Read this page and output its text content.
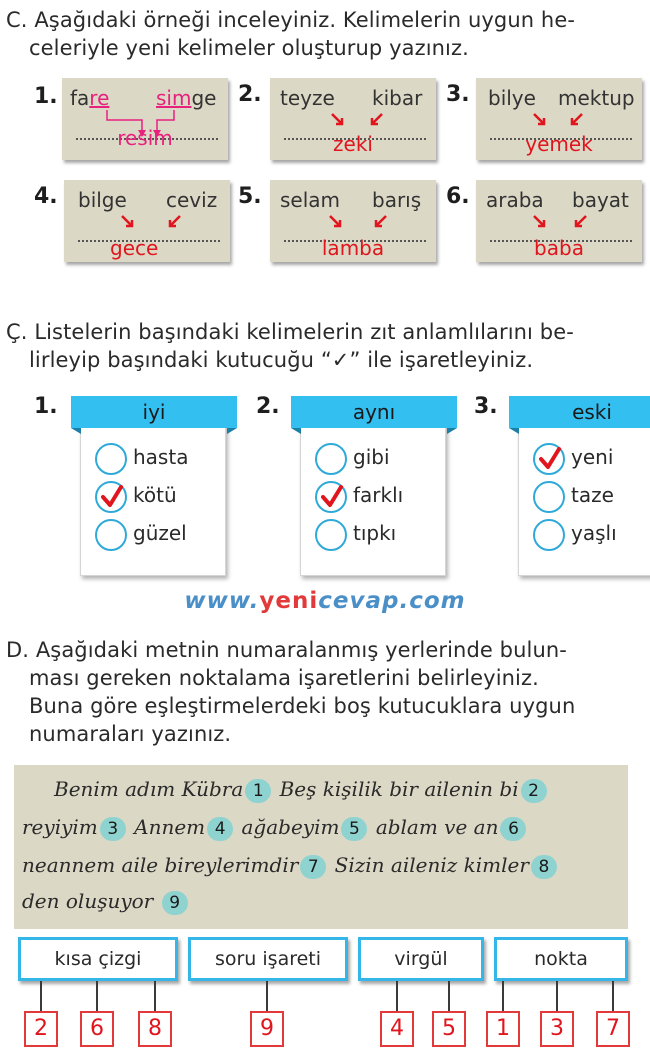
C. Aşağıdaki örneği inceleyiniz. Kelimelerin uygun he-
celeriyle yeni kelimeler oluşturup yazınız.
1. fare simge
resim
2. teyze kibar
zeki
3. bilye mektup
yemek
4. bilge ceviz
gece
5. selam barış
lamba
6. araba bayat
baba
Ç. Listelerin başındaki kelimelerin zıt anlamlılarını be-
lirleyip başındaki kutucuğu “✓” ile işaretleyiniz.
1.	iyi
hasta
kötü
güzel
2.	aynı
gibi
farklı
tıpkı
3.	eski
yeni
taze
yaşlı
www.yenicevap.com
D. Aşağıdaki metnin numaralanmış yerlerinde bulun-
ması gereken noktalama işaretlerini belirleyiniz.
Buna göre eşleştirmelerdeki boş kutucuklara uygun
numaraları yazınız.
Benim adım Kübra 1 Beş kişilik bir ailenin bi 2
reyiyim 3 Annem 4 ağabeyim 5 ablam ve an 6
neannem aile bireylerimdir 7 Sizin aileniz kimler 8
den oluşuyor 9
kısa çizgi	soru işareti	virgül	nokta
2	6	8	9	4	5	1	3	7
